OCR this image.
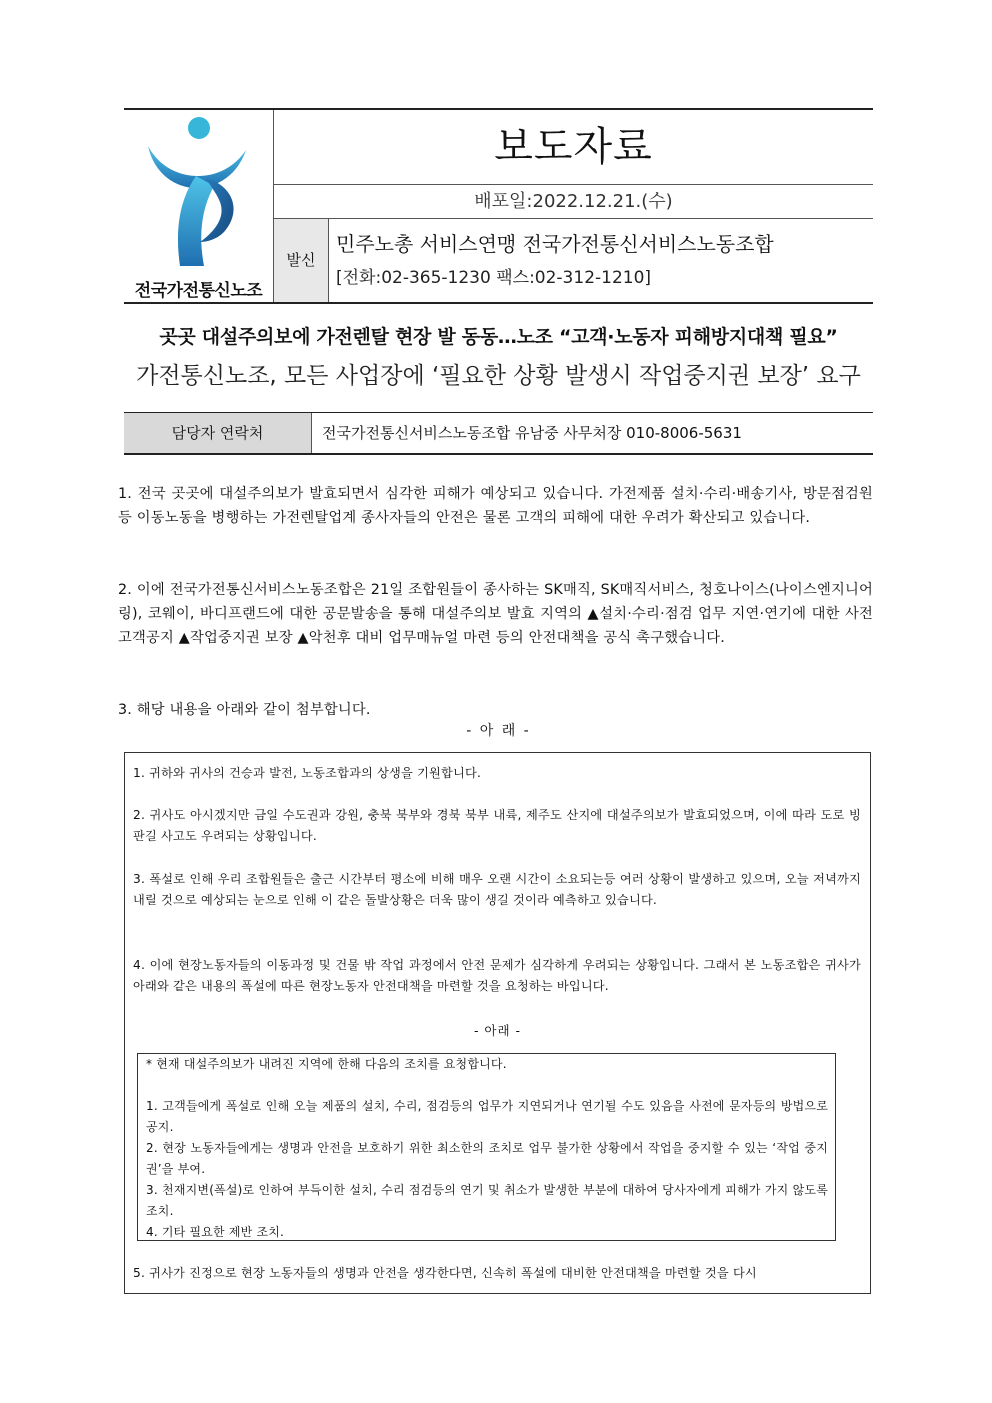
전국가전통신노조
보도자료
배포일:2022.12.21.(수)
발신
민주노총 서비스연맹 전국가전통신서비스노동조합
[전화:02-365-1230 팩스:02-312-1210]
곳곳 대설주의보에 가전렌탈 현장 발 동동…노조 “고객·노동자 피해방지대책 필요”
가전통신노조, 모든 사업장에 ‘필요한 상황 발생시 작업중지권 보장’ 요구
담당자 연락처	전국가전통신서비스노동조합 유남중 사무처장 010-8006-5631
1. 전국 곳곳에 대설주의보가 발효되면서 심각한 피해가 예상되고 있습니다. 가전제품 설치·수리·배송기사, 방문점검원 등 이동노동을 병행하는 가전렌탈업계 종사자들의 안전은 물론 고객의 피해에 대한 우려가 확산되고 있습니다.
2. 이에 전국가전통신서비스노동조합은 21일 조합원들이 종사하는 SK매직, SK매직서비스, 청호나이스(나이스엔지니어링), 코웨이, 바디프랜드에 대한 공문발송을 통해 대설주의보 발효 지역의 ▲설치·수리·점검 업무 지연·연기에 대한 사전 고객공지 ▲작업중지권 보장 ▲악천후 대비 업무매뉴얼 마련 등의 안전대책을 공식 촉구했습니다.
3. 해당 내용을 아래와 같이 첨부합니다.
- 아 래 -
1. 귀하와 귀사의 건승과 발전, 노동조합과의 상생을 기원합니다.
2. 귀사도 아시겠지만 금일 수도권과 강원, 충북 북부와 경북 북부 내륙, 제주도 산지에 대설주의보가 발효되었으며, 이에 따라 도로 빙판길 사고도 우려되는 상황입니다.
3. 폭설로 인해 우리 조합원들은 출근 시간부터 평소에 비해 매우 오랜 시간이 소요되는등 여러 상황이 발생하고 있으며, 오늘 저녁까지 내릴 것으로 예상되는 눈으로 인해 이 같은 돌발상황은 더욱 많이 생길 것이라 예측하고 있습니다.
4. 이에 현장노동자들의 이동과정 및 건물 밖 작업 과정에서 안전 문제가 심각하게 우려되는 상황입니다. 그래서 본 노동조합은 귀사가 아래와 같은 내용의 폭설에 따른 현장노동자 안전대책을 마련할 것을 요청하는 바입니다.
- 아래 -
* 현재 대설주의보가 내려진 지역에 한해 다음의 조치를 요청합니다.
1. 고객들에게 폭설로 인해 오늘 제품의 설치, 수리, 점검등의 업무가 지연되거나 연기될 수도 있음을 사전에 문자등의 방법으로 공지.
2. 현장 노동자들에게는 생명과 안전을 보호하기 위한 최소한의 조치로 업무 불가한 상황에서 작업을 중지할 수 있는 ‘작업 중지권’을 부여.
3. 천재지변(폭설)로 인하여 부득이한 설치, 수리 점검등의 연기 및 취소가 발생한 부분에 대하여 당사자에게 피해가 가지 않도록 조치.
4. 기타 필요한 제반 조치.
5. 귀사가 진정으로 현장 노동자들의 생명과 안전을 생각한다면, 신속히 폭설에 대비한 안전대책을 마련할 것을 다시
